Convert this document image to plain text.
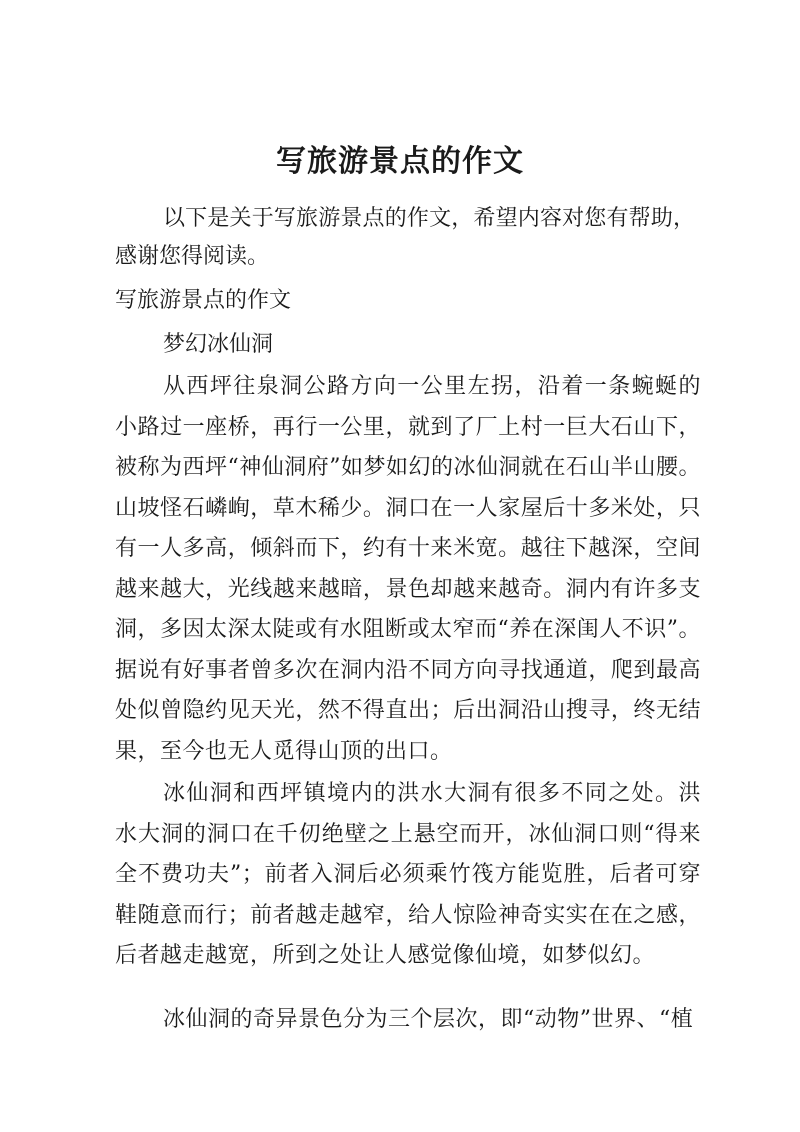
写旅游景点的作文

以下是关于写旅游景点的作文，希望内容对您有帮助，感谢您得阅读。

写旅游景点的作文

梦幻冰仙洞

从西坪往泉洞公路方向一公里左拐，沿着一条蜿蜒的小路过一座桥，再行一公里，就到了厂上村一巨大石山下，被称为西坪“神仙洞府”如梦如幻的冰仙洞就在石山半山腰。山坡怪石嶙峋，草木稀少。洞口在一人家屋后十多米处，只有一人多高，倾斜而下，约有十来米宽。越往下越深，空间越来越大，光线越来越暗，景色却越来越奇。洞内有许多支洞，多因太深太陡或有水阻断或太窄而“养在深闺人不识”。据说有好事者曾多次在洞内沿不同方向寻找通道，爬到最高处似曾隐约见天光，然不得直出；后出洞沿山搜寻，终无结果，至今也无人觅得山顶的出口。

冰仙洞和西坪镇境内的洪水大洞有很多不同之处。洪水大洞的洞口在千仞绝壁之上悬空而开，冰仙洞口则“得来全不费功夫”；前者入洞后必须乘竹筏方能览胜，后者可穿鞋随意而行；前者越走越窄，给人惊险神奇实实在在之感，后者越走越宽，所到之处让人感觉像仙境，如梦似幻。

冰仙洞的奇异景色分为三个层次，即“动物”世界、“植
